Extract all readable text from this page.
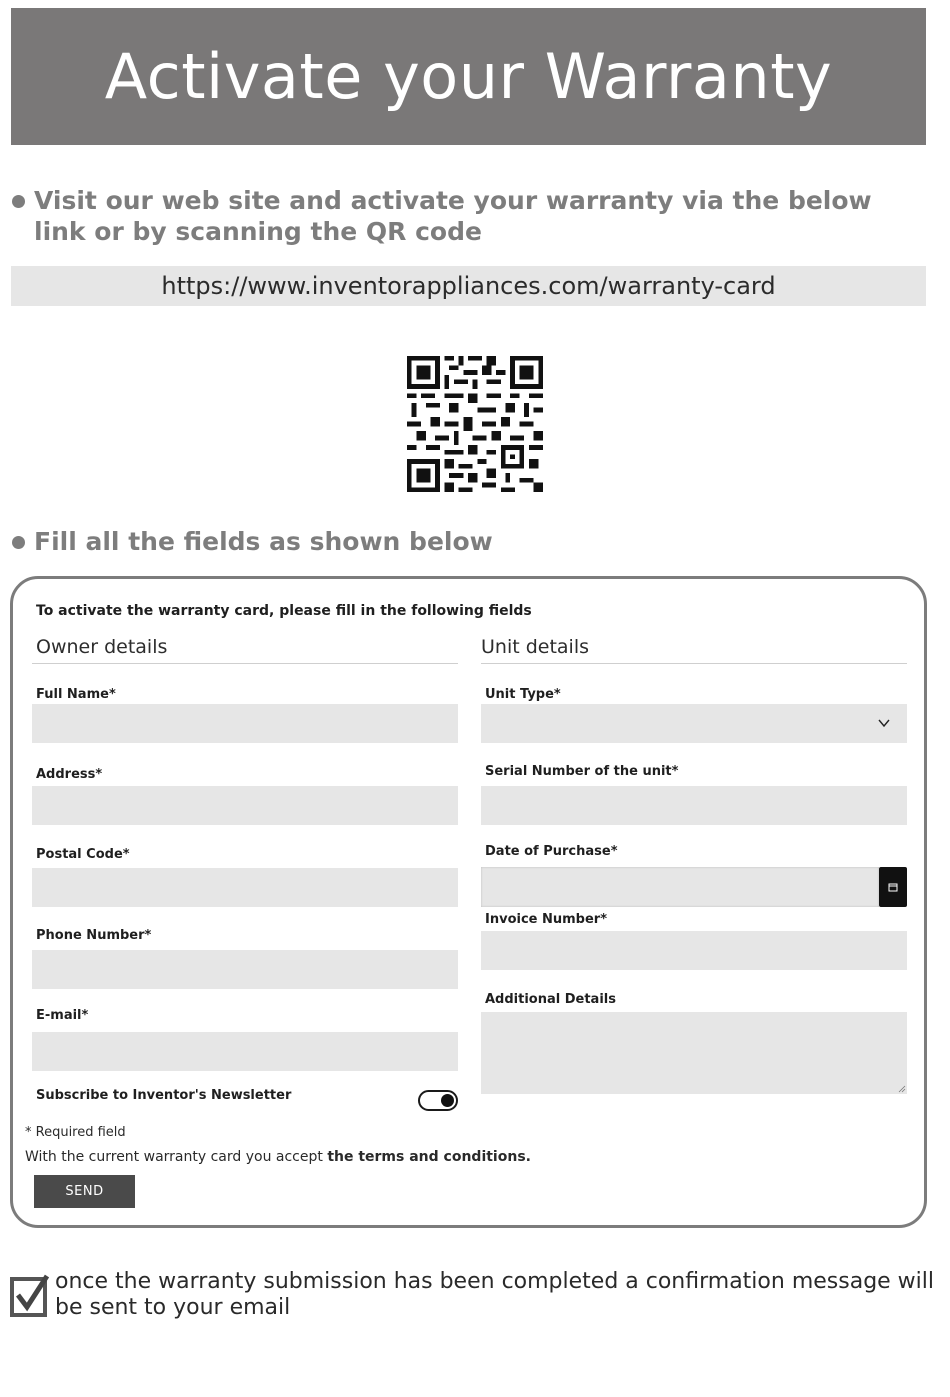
Activate your Warranty
Visit our web site and activate your warranty via the below link or by scanning the QR code
https://www.inventorappliances.com/warranty-card
Fill all the fields as shown below
To activate the warranty card, please fill in the following fields
Owner details	Unit details
Full Name*
Address*
Postal Code*
Phone Number*
E-mail*
Subscribe to Inventor's Newsletter
Unit Type*
Serial Number of the unit*
Date of Purchase*
Invoice Number*
Additional Details
* Required field
With the current warranty card you accept the terms and conditions.
SEND
once the warranty submission has been completed a confirmation message will be sent to your email
